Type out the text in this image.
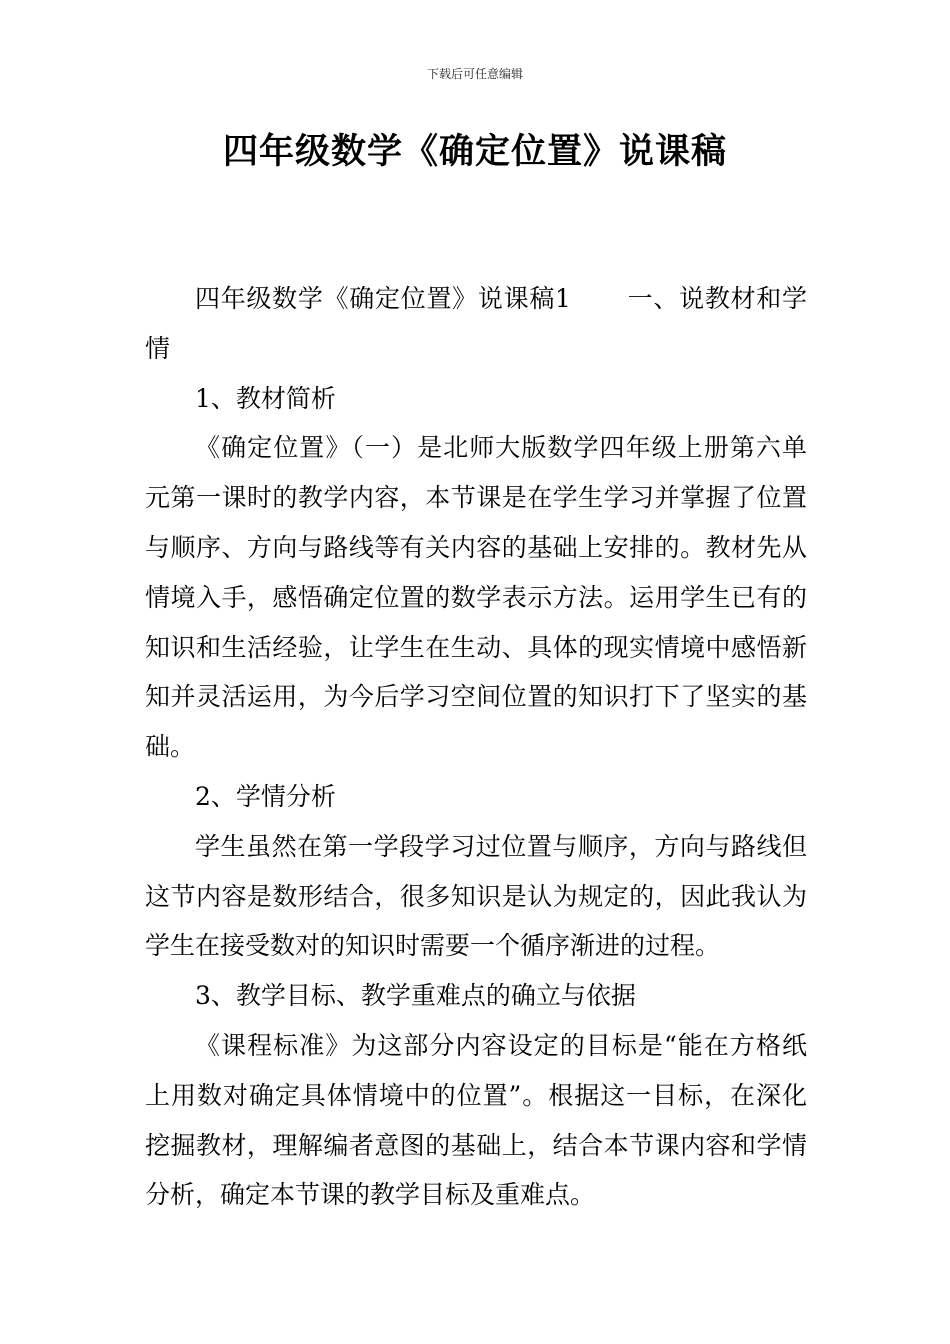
下载后可任意编辑
四年级数学《确定位置》说课稿

四年级数学《确定位置》说课稿1 一、说教材和学情

1、教材简析

《确定位置》（一）是北师大版数学四年级上册第六单元第一课时的教学内容，本节课是在学生学习并掌握了位置与顺序、方向与路线等有关内容的基础上安排的。教材先从情境入手，感悟确定位置的数学表示方法。运用学生已有的知识和生活经验，让学生在生动、具体的现实情境中感悟新知并灵活运用，为今后学习空间位置的知识打下了坚实的基础。

2、学情分析

学生虽然在第一学段学习过位置与顺序，方向与路线但这节内容是数形结合，很多知识是认为规定的，因此我认为学生在接受数对的知识时需要一个循序渐进的过程。

3、教学目标、教学重难点的确立与依据

《课程标准》为这部分内容设定的目标是“能在方格纸上用数对确定具体情境中的位置”。根据这一目标，在深化挖掘教材，理解编者意图的基础上，结合本节课内容和学情分析，确定本节课的教学目标及重难点。
